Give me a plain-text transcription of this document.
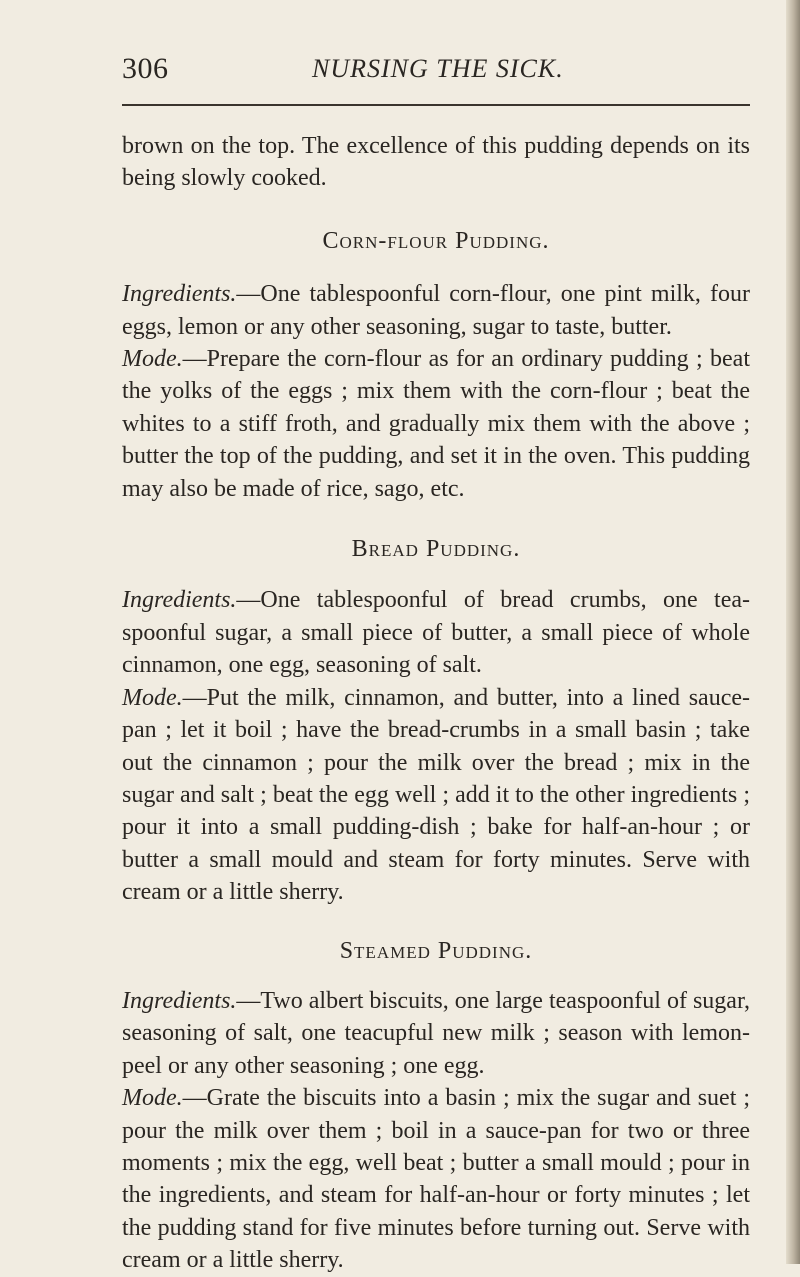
306	NURSING THE SICK.

brown on the top. The excellence of this pudding depends on its being slowly cooked.

Corn-flour Pudding.

Ingredients.—One tablespoonful corn-flour, one pint milk, four eggs, lemon or any other seasoning, sugar to taste, butter.

Mode.—Prepare the corn-flour as for an ordinary pudding ; beat the yolks of the eggs ; mix them with the corn-flour ; beat the whites to a stiff froth, and gradually mix them with the above ; butter the top of the pudding, and set it in the oven. This pudding may also be made of rice, sago, etc.

Bread Pudding.

Ingredients.—One tablespoonful of bread crumbs, one tea-spoonful sugar, a small piece of butter, a small piece of whole cinnamon, one egg, seasoning of salt.

Mode.—Put the milk, cinnamon, and butter, into a lined sauce-pan ; let it boil ; have the bread-crumbs in a small basin ; take out the cinnamon ; pour the milk over the bread ; mix in the sugar and salt ; beat the egg well ; add it to the other ingredients ; pour it into a small pudding-dish ; bake for half-an-hour ; or butter a small mould and steam for forty minutes. Serve with cream or a little sherry.

Steamed Pudding.

Ingredients.—Two albert biscuits, one large teaspoonful of sugar, seasoning of salt, one teacupful new milk ; season with lemon-peel or any other seasoning ; one egg.

Mode.—Grate the biscuits into a basin ; mix the sugar and suet ; pour the milk over them ; boil in a sauce-pan for two or three moments ; mix the egg, well beat ; butter a small mould ; pour in the ingredients, and steam for half-an-hour or forty minutes ; let the pudding stand for five minutes before turning out. Serve with cream or a little sherry.
